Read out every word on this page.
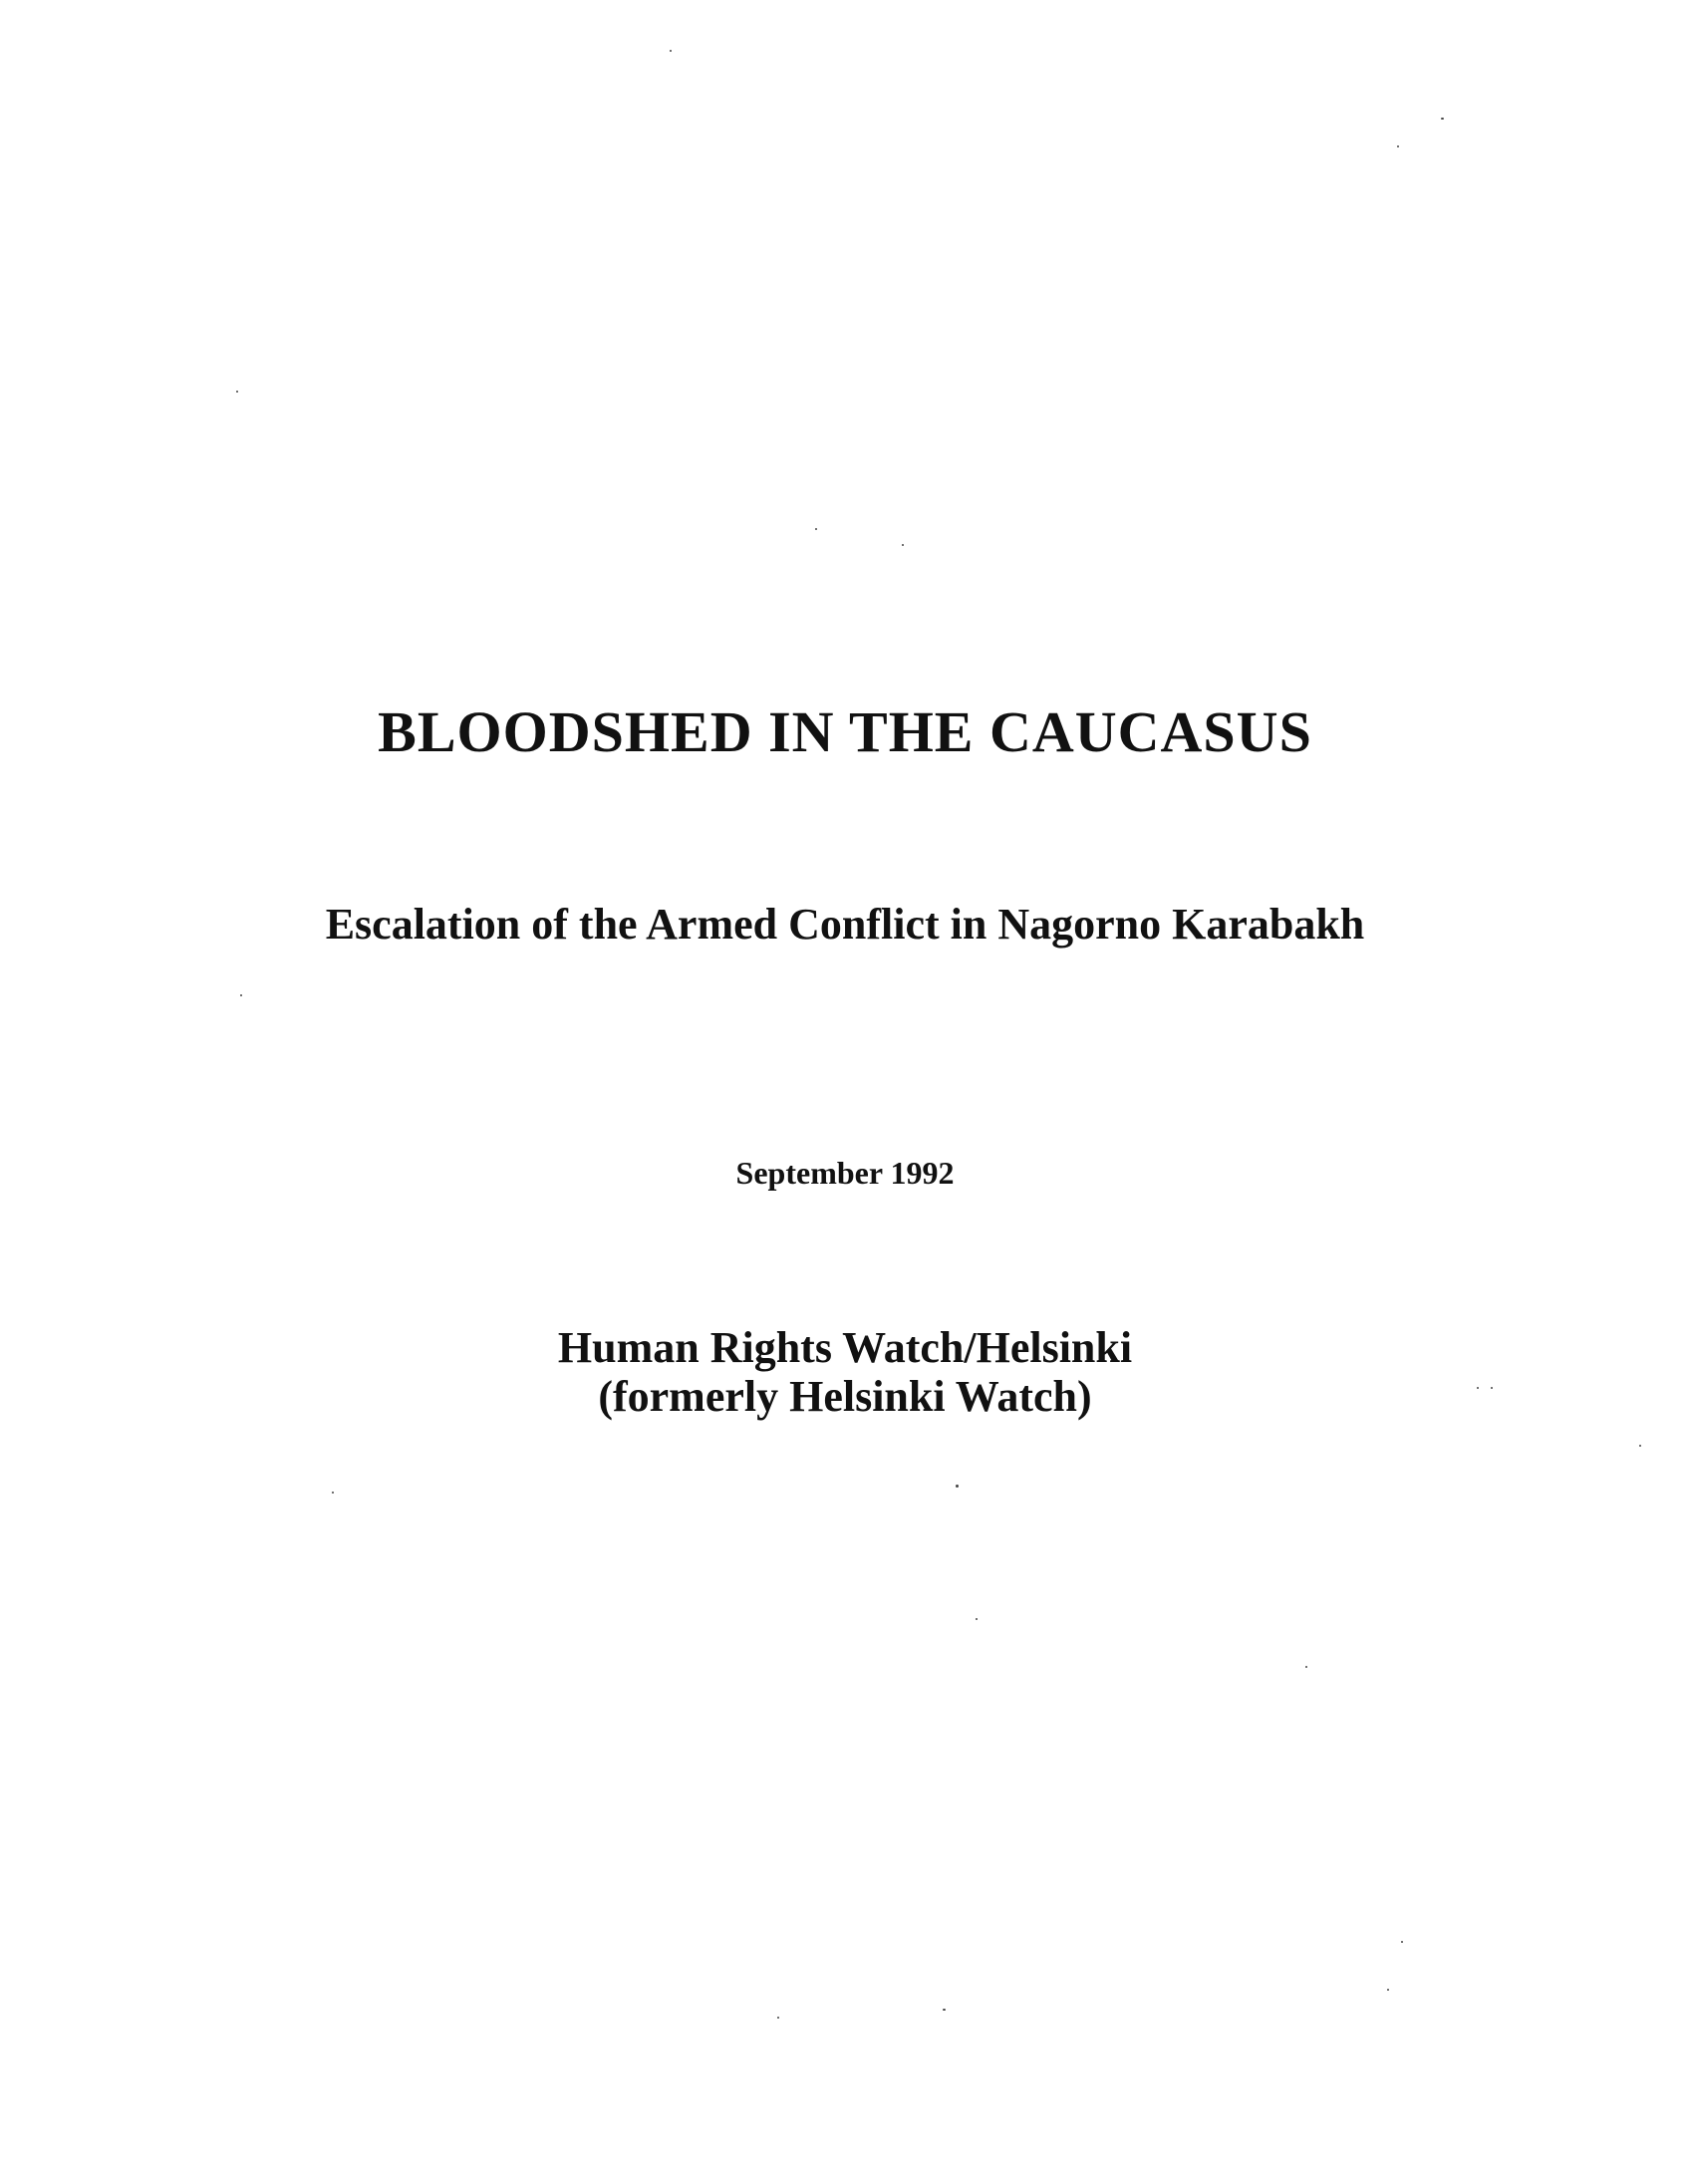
BLOODSHED IN THE CAUCASUS
Escalation of the Armed Conflict in Nagorno Karabakh
September 1992
Human Rights Watch/Helsinki
(formerly Helsinki Watch)
